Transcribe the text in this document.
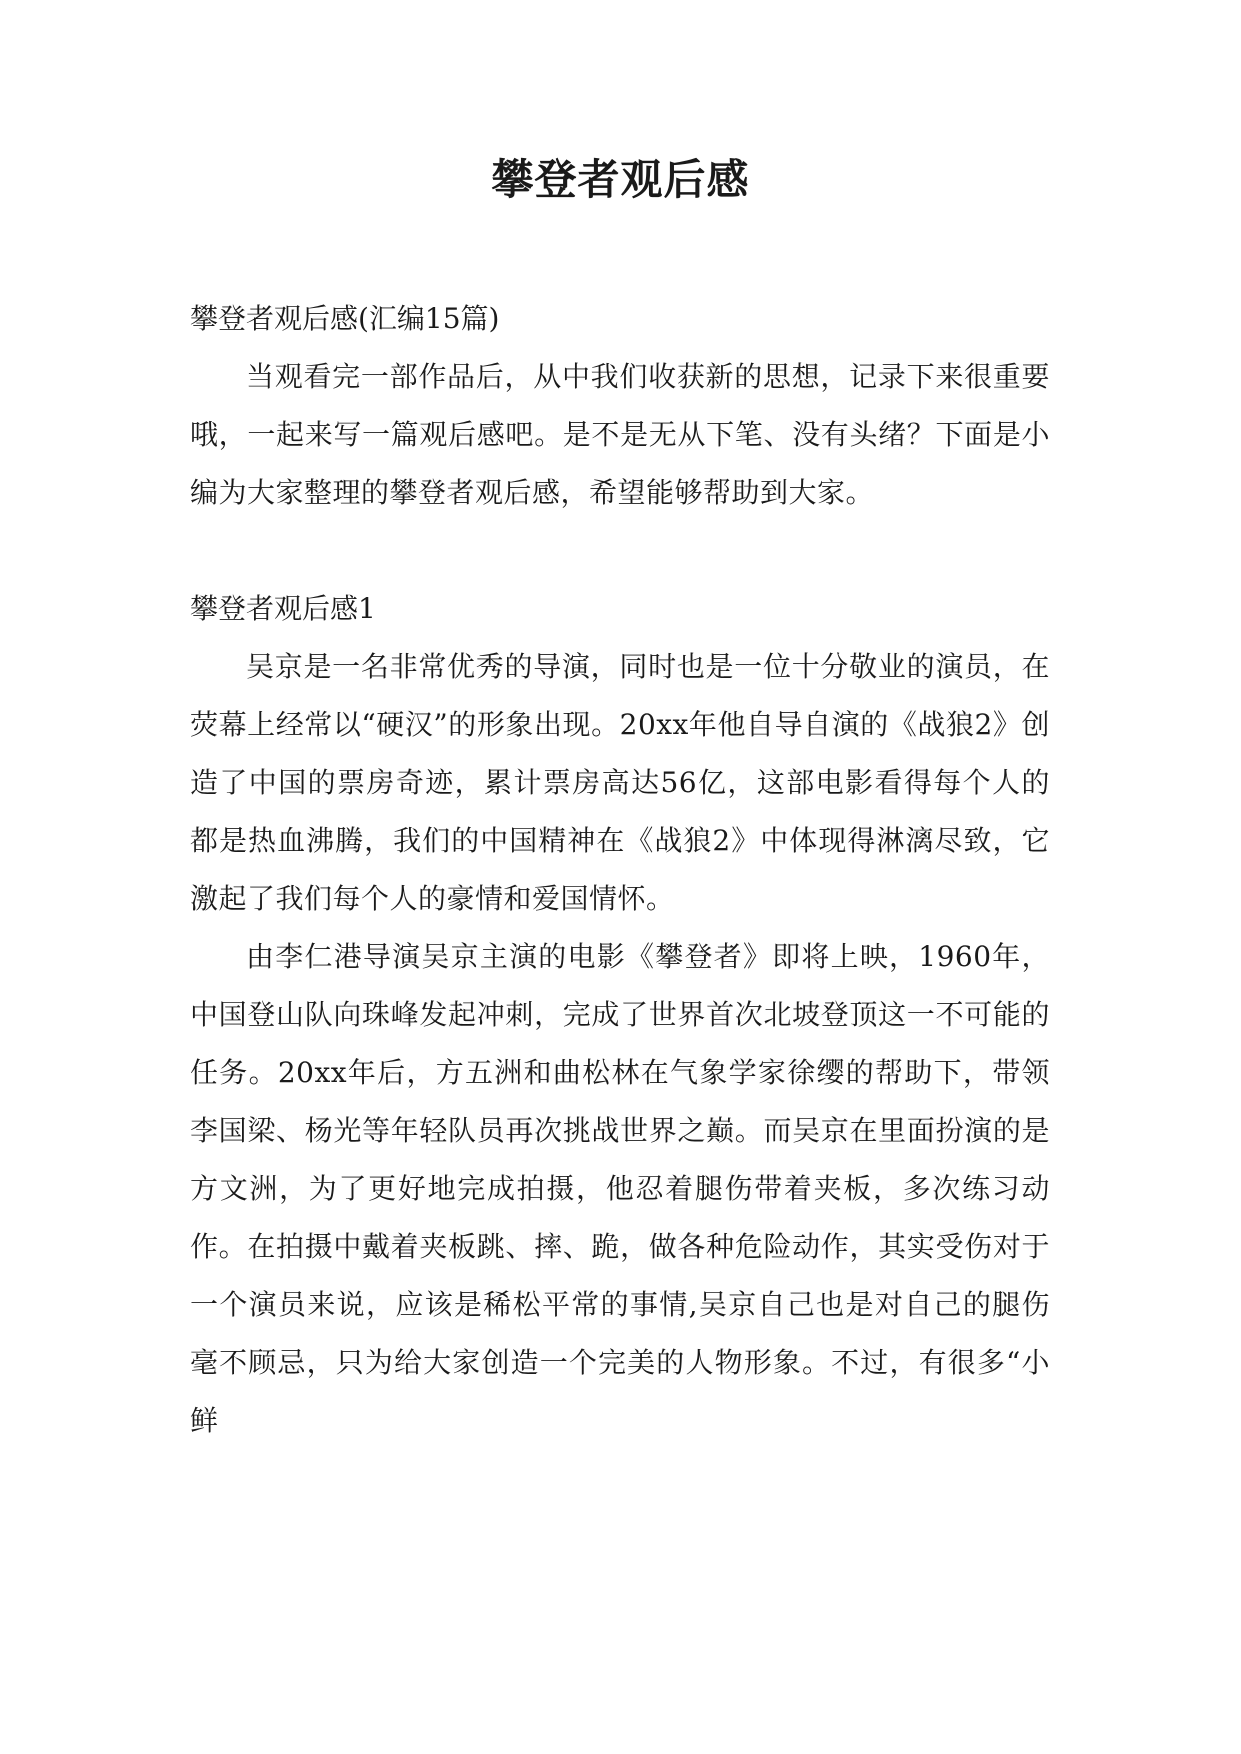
攀登者观后感

攀登者观后感(汇编15篇)

当观看完一部作品后，从中我们收获新的思想，记录下来很重要哦，一起来写一篇观后感吧。是不是无从下笔、没有头绪？下面是小编为大家整理的攀登者观后感，希望能够帮助到大家。

攀登者观后感1

吴京是一名非常优秀的导演，同时也是一位十分敬业的演员，在荧幕上经常以“硬汉”的形象出现。20xx年他自导自演的《战狼2》创造了中国的票房奇迹，累计票房高达56亿，这部电影看得每个人的都是热血沸腾，我们的中国精神在《战狼2》中体现得淋漓尽致，它激起了我们每个人的豪情和爱国情怀。

由李仁港导演吴京主演的电影《攀登者》即将上映，1960年，中国登山队向珠峰发起冲刺，完成了世界首次北坡登顶这一不可能的任务。20xx年后，方五洲和曲松林在气象学家徐缨的帮助下，带领李国梁、杨光等年轻队员再次挑战世界之巅。而吴京在里面扮演的是方文洲，为了更好地完成拍摄，他忍着腿伤带着夹板，多次练习动作。在拍摄中戴着夹板跳、摔、跪，做各种危险动作，其实受伤对于一个演员来说，应该是稀松平常的事情,吴京自己也是对自己的腿伤毫不顾忌，只为给大家创造一个完美的人物形象。不过，有很多“小鲜
